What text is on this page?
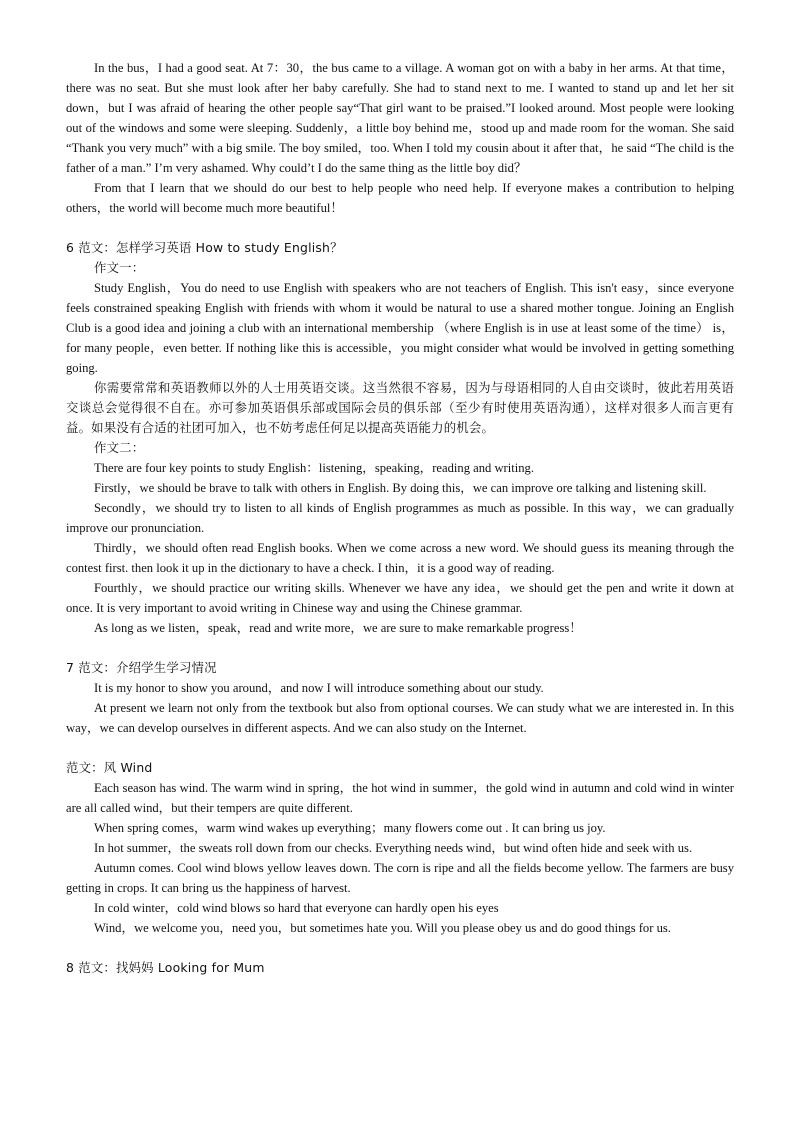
In the bus，I had a good seat. At 7：30，the bus came to a village. A woman got on with a baby in her arms. At that time，there was no seat. But she must look after her baby carefully. She had to stand next to me. I wanted to stand up and let her sit down，but I was afraid of hearing the other people say“That girl want to be praised.”I looked around. Most people were looking out of the windows and some were sleeping. Suddenly，a little boy behind me，stood up and made room for the woman. She said “Thank you very much” with a big smile. The boy smiled，too. When I told my cousin about it after that，he said “The child is the father of a man.” I’m very ashamed. Why could’t I do the same thing as the little boy did？

From that I learn that we should do our best to help people who need help. If everyone makes a contribution to helping others，the world will become much more beautiful！

6 范文：怎样学习英语 How to study English？

作文一：

Study English，You do need to use English with speakers who are not teachers of English. This isn't easy，since everyone feels constrained speaking English with friends with whom it would be natural to use a shared mother tongue. Joining an English Club is a good idea and joining a club with an international membership （where English is in use at least some of the time） is，for many people，even better. If nothing like this is accessible，you might consider what would be involved in getting something going.

你需要常常和英语教师以外的人士用英语交谈。这当然很不容易，因为与母语相同的人自由交谈时，彼此若用英语交谈总会觉得很不自在。亦可参加英语俱乐部或国际会员的俱乐部（至少有时使用英语沟通），这样对很多人而言更有益。如果没有合适的社团可加入，也不妨考虑任何足以提高英语能力的机会。

作文二：

There are four key points to study English：listening，speaking，reading and writing.

Firstly，we should be brave to talk with others in English. By doing this，we can improve ore talking and listening skill.

Secondly，we should try to listen to all kinds of English programmes as much as possible. In this way，we can gradually improve our pronunciation.

Thirdly，we should often read English books. When we come across a new word. We should guess its meaning through the contest first. then look it up in the dictionary to have a check. I thin，it is a good way of reading.

Fourthly，we should practice our writing skills. Whenever we have any idea，we should get the pen and write it down at once. It is very important to avoid writing in Chinese way and using the Chinese grammar.

As long as we listen，speak，read and write more，we are sure to make remarkable progress！

7 范文：介绍学生学习情况

It is my honor to show you around，and now I will introduce something about our study.

At present we learn not only from the textbook but also from optional courses. We can study what we are interested in. In this way，we can develop ourselves in different aspects. And we can also study on the Internet.

范文：风 Wind

Each season has wind. The warm wind in spring，the hot wind in summer，the gold wind in autumn and cold wind in winter are all called wind，but their tempers are quite different.

When spring comes，warm wind wakes up everything；many flowers come out . It can bring us joy.

In hot summer，the sweats roll down from our checks. Everything needs wind，but wind often hide and seek with us.

Autumn comes. Cool wind blows yellow leaves down. The corn is ripe and all the fields become yellow. The farmers are busy getting in crops. It can bring us the happiness of harvest.

In cold winter，cold wind blows so hard that everyone can hardly open his eyes

Wind，we welcome you，need you，but sometimes hate you. Will you please obey us and do good things for us.

8 范文：找妈妈 Looking for Mum
